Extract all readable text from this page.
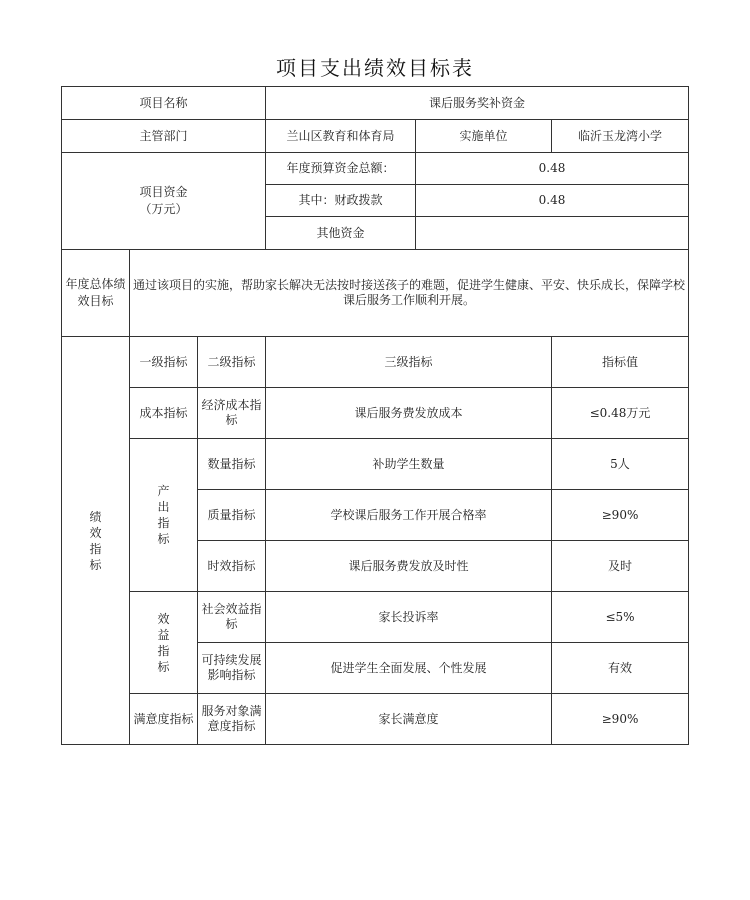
项目支出绩效目标表
项目名称			课后服务奖补资金		
主管部门			兰山区教育和体育局	实施单位	临沂玉龙湾小学
项目资金
（万元）			年度预算资金总额：	0.48	
			其中：财政拨款	0.48	
			其他资金		
年度总体绩效目标	通过该项目的实施，帮助家长解决无法按时接送孩子的难题，促进学生健康、平安、快乐成长，保障学校课后服务工作顺利开展。				
绩效指标	一级指标	二级指标	三级指标		指标值
	成本指标	经济成本指标	课后服务费发放成本		≤0.48万元
	产出指标	数量指标	补助学生数量		5人
		质量指标	学校课后服务工作开展合格率		≥90%
		时效指标	课后服务费发放及时性		及时
	效益指标	社会效益指标	家长投诉率		≤5%
		可持续发展影响指标	促进学生全面发展、个性发展		有效
	满意度指标	服务对象满意度指标	家长满意度		≥90%
